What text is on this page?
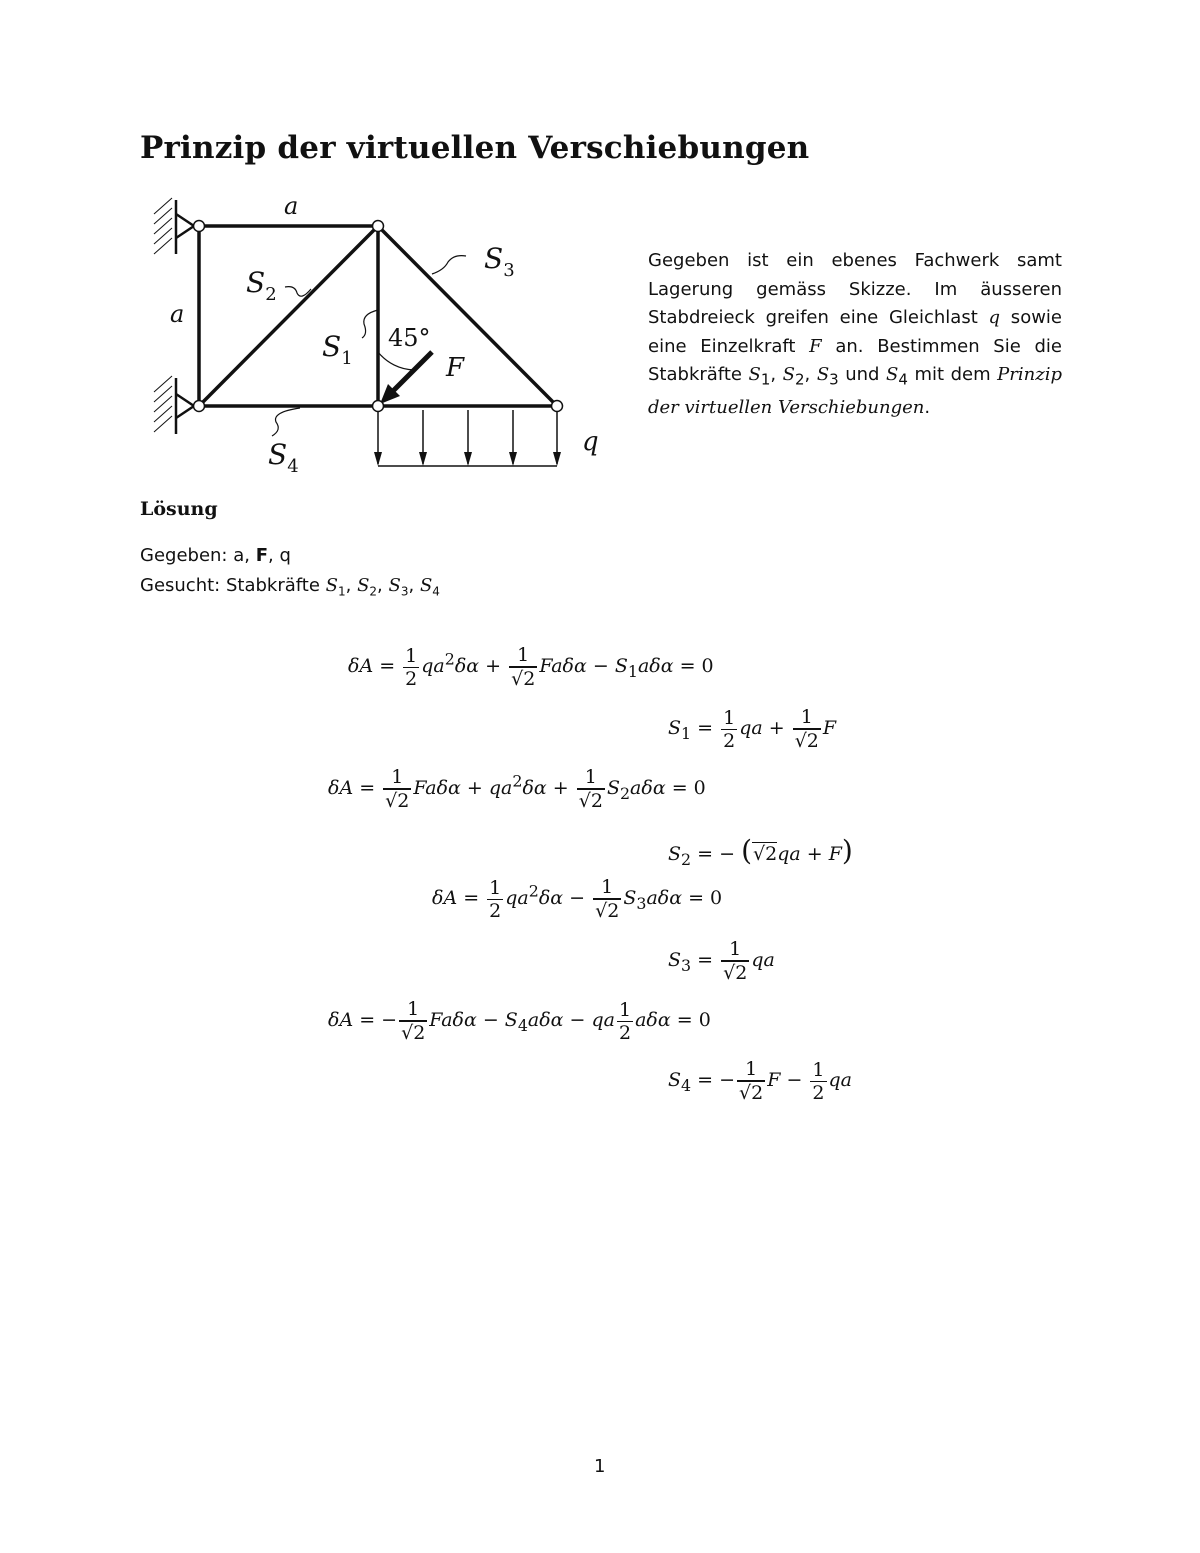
Prinzip der virtuellen Verschiebungen
a
a
$S_2$
$S_3$
$S_1$
$S_4$
45°
F
q
Gegeben ist ein ebenes Fachwerk samt Lagerung gemäss Skizze. Im äusseren Stabdreieck greifen eine Gleichlast q sowie eine Einzelkraft F an. Bestimmen Sie die Stabkräfte $S_1$, $S_2$, $S_3$ und $S_4$ mit dem Prinzip der virtuellen Verschiebungen.
Lösung
Gegeben: a, F, q
Gesucht: Stabkräfte $S_1$, $S_2$, $S_3$, $S_4$
$\delta A = \frac{1}{2} qa^2\delta\alpha + \frac{1}{√2}$ $Fa\delta\alpha - S_1a\delta\alpha = 0$
$S_1 = \frac{1}{2}$ qa + $\frac{1}{√2}$ F
$\delta A = \frac{1}{√2}$ $Fa\delta\alpha + qa^2\delta\alpha + \frac{1}{√2} S_2a\delta\alpha = 0$
$S_2$ = − (√2qa + F)
$\delta A = \frac{1}{2} qa^2\delta\alpha - \frac{1}{√2} S_3a\delta\alpha = 0$
$S_3 = \frac{1}{√2}$ qa
δA = − $\frac{1}{√2}$ $Fa\delta\alpha - S_4a\delta\alpha$ − qa $\frac{1}{2}$ aδα = 0
$S_4$ = − $\frac{1}{√2}$ $F - \frac{1}{2}$ qa
1
